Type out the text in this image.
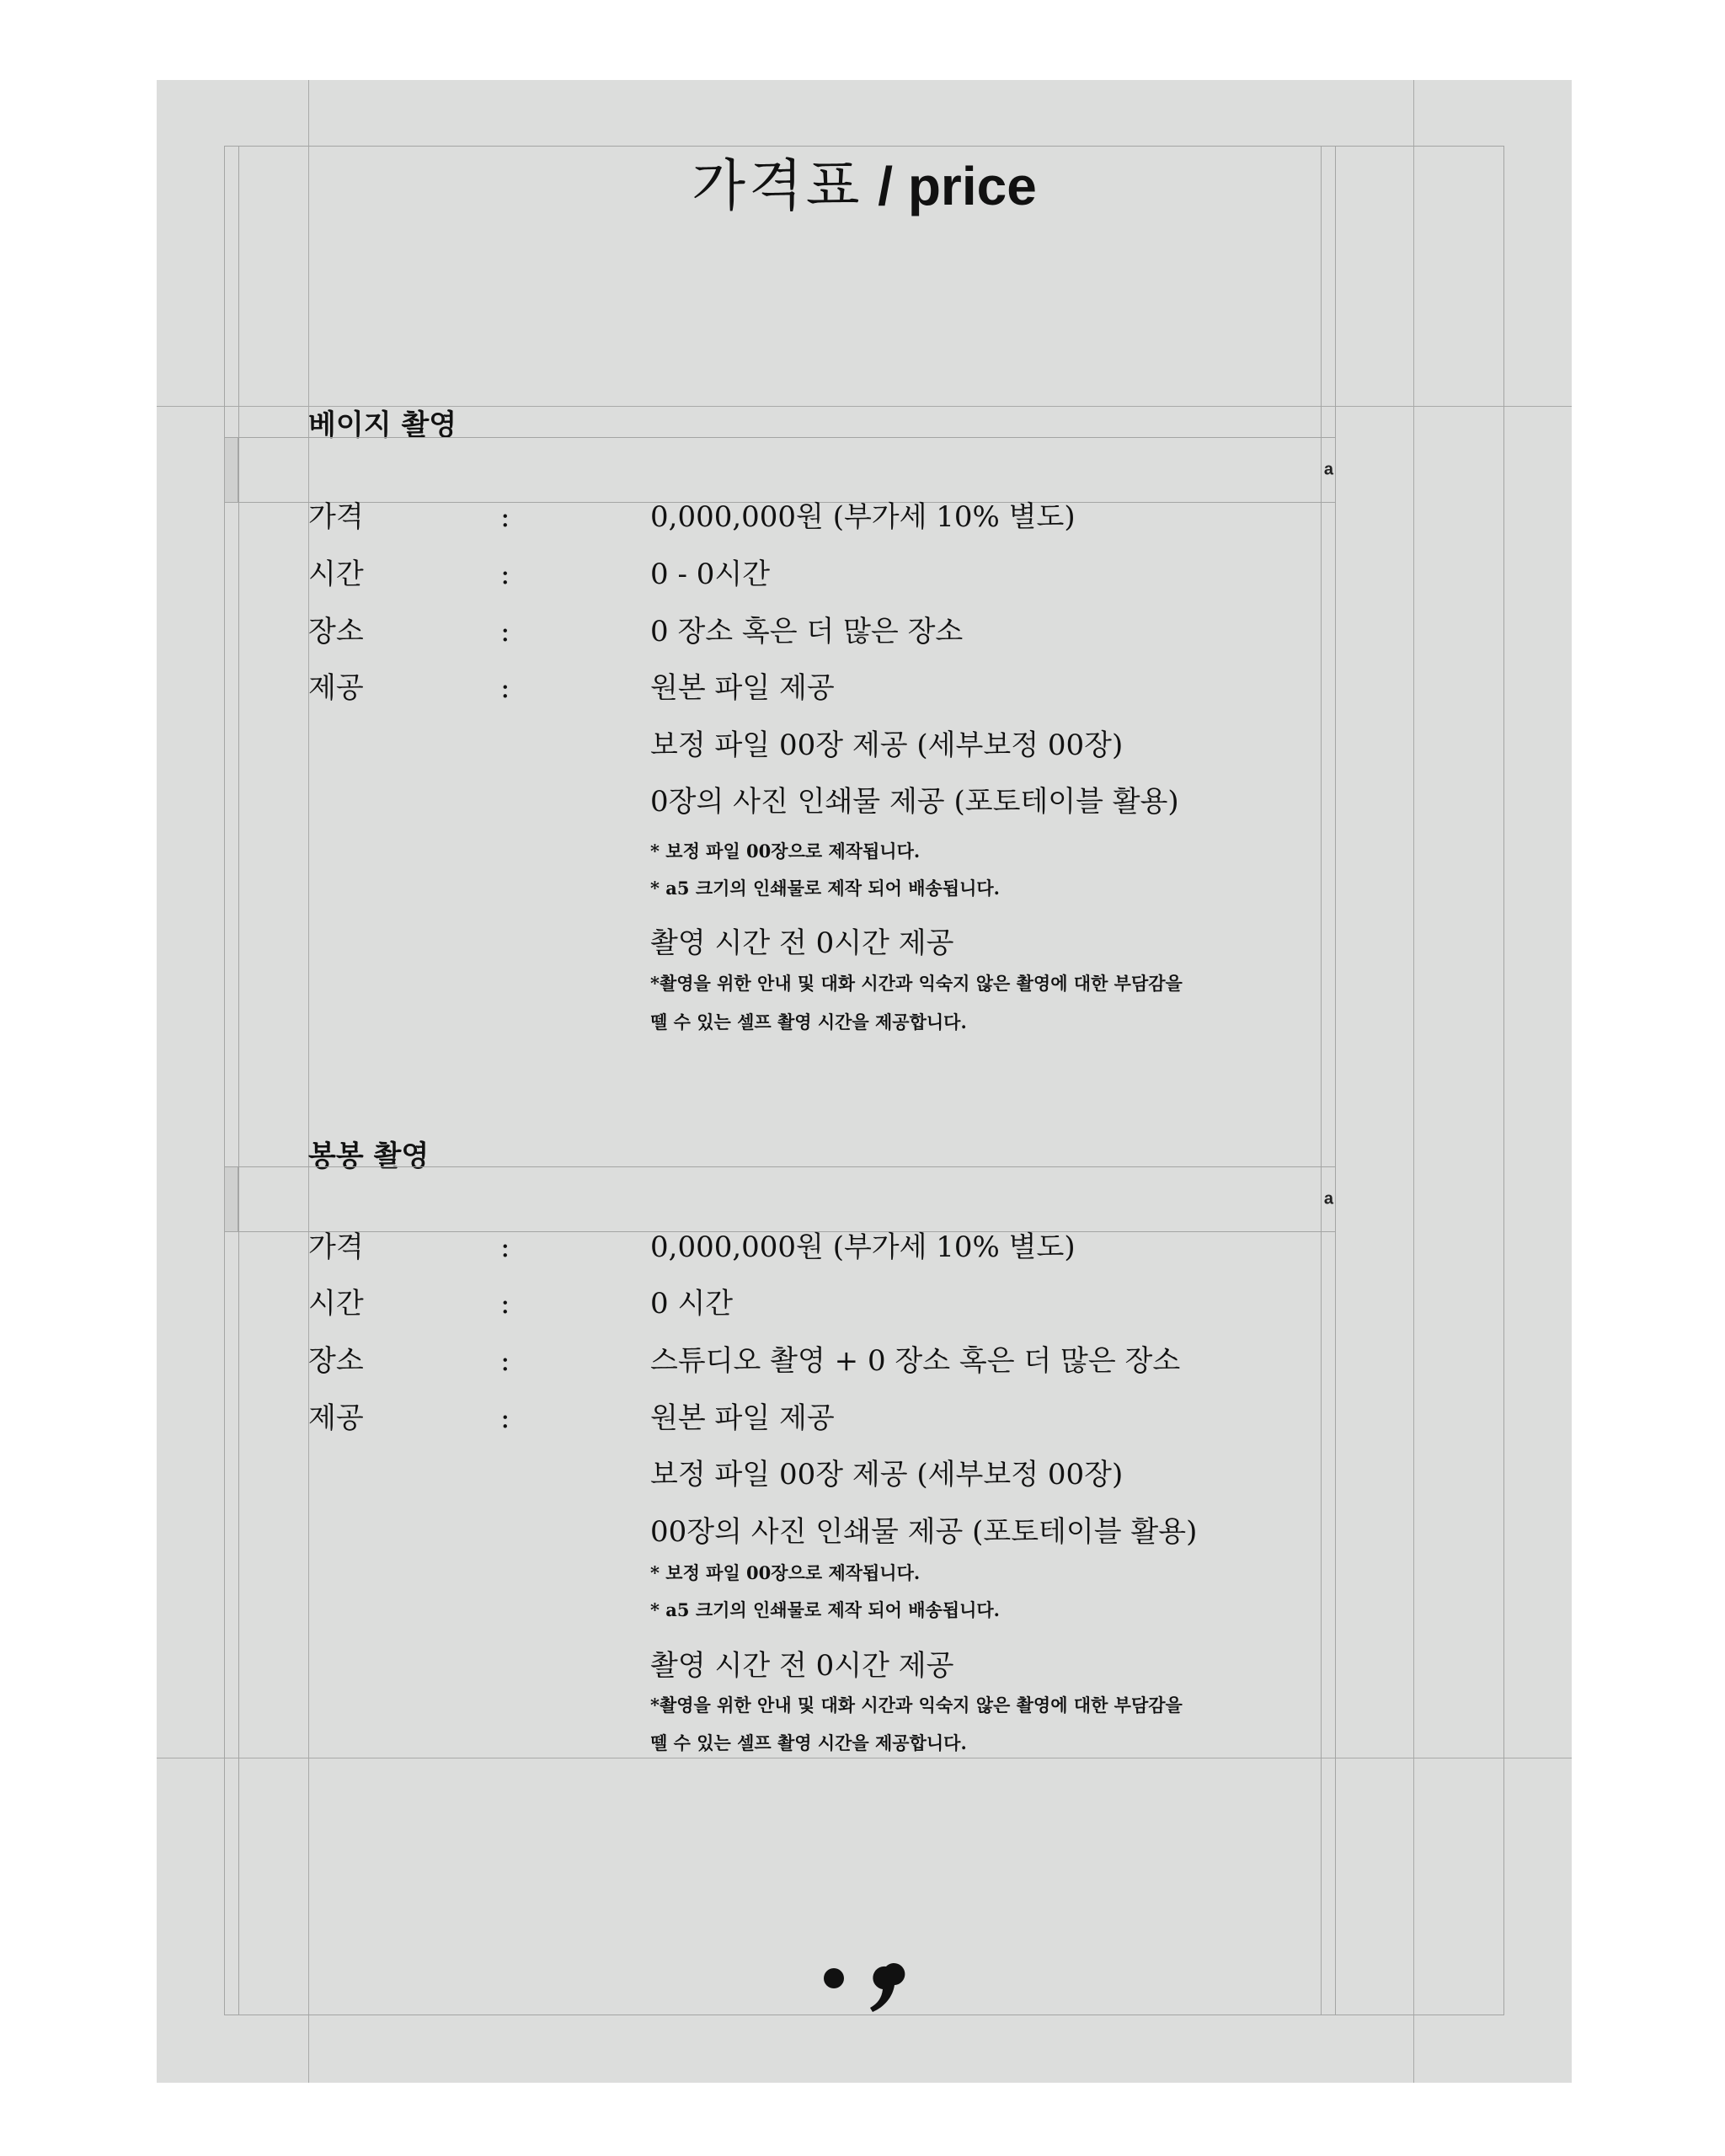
가격표 / price
베이지 촬영
a
가격	:	0,000,000원 (부가세 10% 별도)
시간	:	0 - 0시간
장소	:	0 장소 혹은 더 많은 장소
제공	:	원본 파일 제공
보정 파일 00장 제공 (세부보정 00장)
0장의 사진 인쇄물 제공 (포토테이블 활용)
* 보정 파일 00장으로 제작됩니다.
* a5 크기의 인쇄물로 제작 되어 배송됩니다.
촬영 시간 전 0시간 제공
*촬영을 위한 안내 및 대화 시간과 익숙지 않은 촬영에 대한 부담감을
뗄 수 있는 셀프 촬영 시간을 제공합니다.
봉봉 촬영
a
가격	:	0,000,000원 (부가세 10% 별도)
시간	:	0 시간
장소	:	스튜디오 촬영 + 0 장소 혹은 더 많은 장소
제공	:	원본 파일 제공
보정 파일 00장 제공 (세부보정 00장)
00장의 사진 인쇄물 제공 (포토테이블 활용)
* 보정 파일 00장으로 제작됩니다.
* a5 크기의 인쇄물로 제작 되어 배송됩니다.
촬영 시간 전 0시간 제공
*촬영을 위한 안내 및 대화 시간과 익숙지 않은 촬영에 대한 부담감을
뗄 수 있는 셀프 촬영 시간을 제공합니다.
